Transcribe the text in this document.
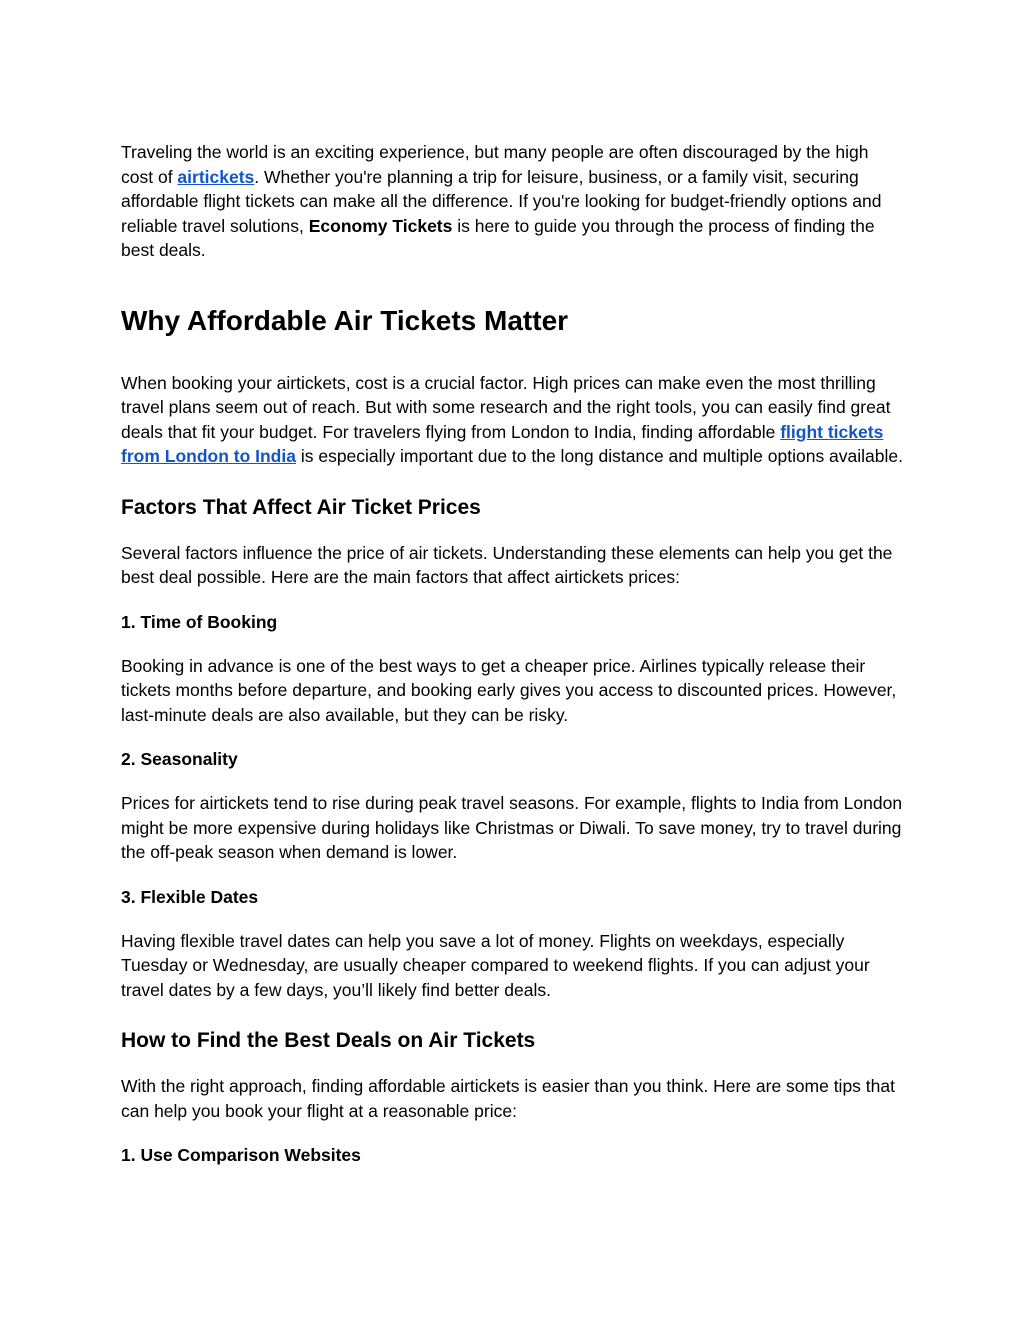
Traveling the world is an exciting experience, but many people are often discouraged by the high cost of airtickets. Whether you're planning a trip for leisure, business, or a family visit, securing affordable flight tickets can make all the difference. If you're looking for budget-friendly options and reliable travel solutions, Economy Tickets is here to guide you through the process of finding the best deals.

Why Affordable Air Tickets Matter

When booking your airtickets, cost is a crucial factor. High prices can make even the most thrilling travel plans seem out of reach. But with some research and the right tools, you can easily find great deals that fit your budget. For travelers flying from London to India, finding affordable flight tickets from London to India is especially important due to the long distance and multiple options available.

Factors That Affect Air Ticket Prices

Several factors influence the price of air tickets. Understanding these elements can help you get the best deal possible. Here are the main factors that affect airtickets prices:

1. Time of Booking

Booking in advance is one of the best ways to get a cheaper price. Airlines typically release their tickets months before departure, and booking early gives you access to discounted prices. However, last-minute deals are also available, but they can be risky.

2. Seasonality

Prices for airtickets tend to rise during peak travel seasons. For example, flights to India from London might be more expensive during holidays like Christmas or Diwali. To save money, try to travel during the off-peak season when demand is lower.

3. Flexible Dates

Having flexible travel dates can help you save a lot of money. Flights on weekdays, especially Tuesday or Wednesday, are usually cheaper compared to weekend flights. If you can adjust your travel dates by a few days, you’ll likely find better deals.

How to Find the Best Deals on Air Tickets

With the right approach, finding affordable airtickets is easier than you think. Here are some tips that can help you book your flight at a reasonable price:

1. Use Comparison Websites
